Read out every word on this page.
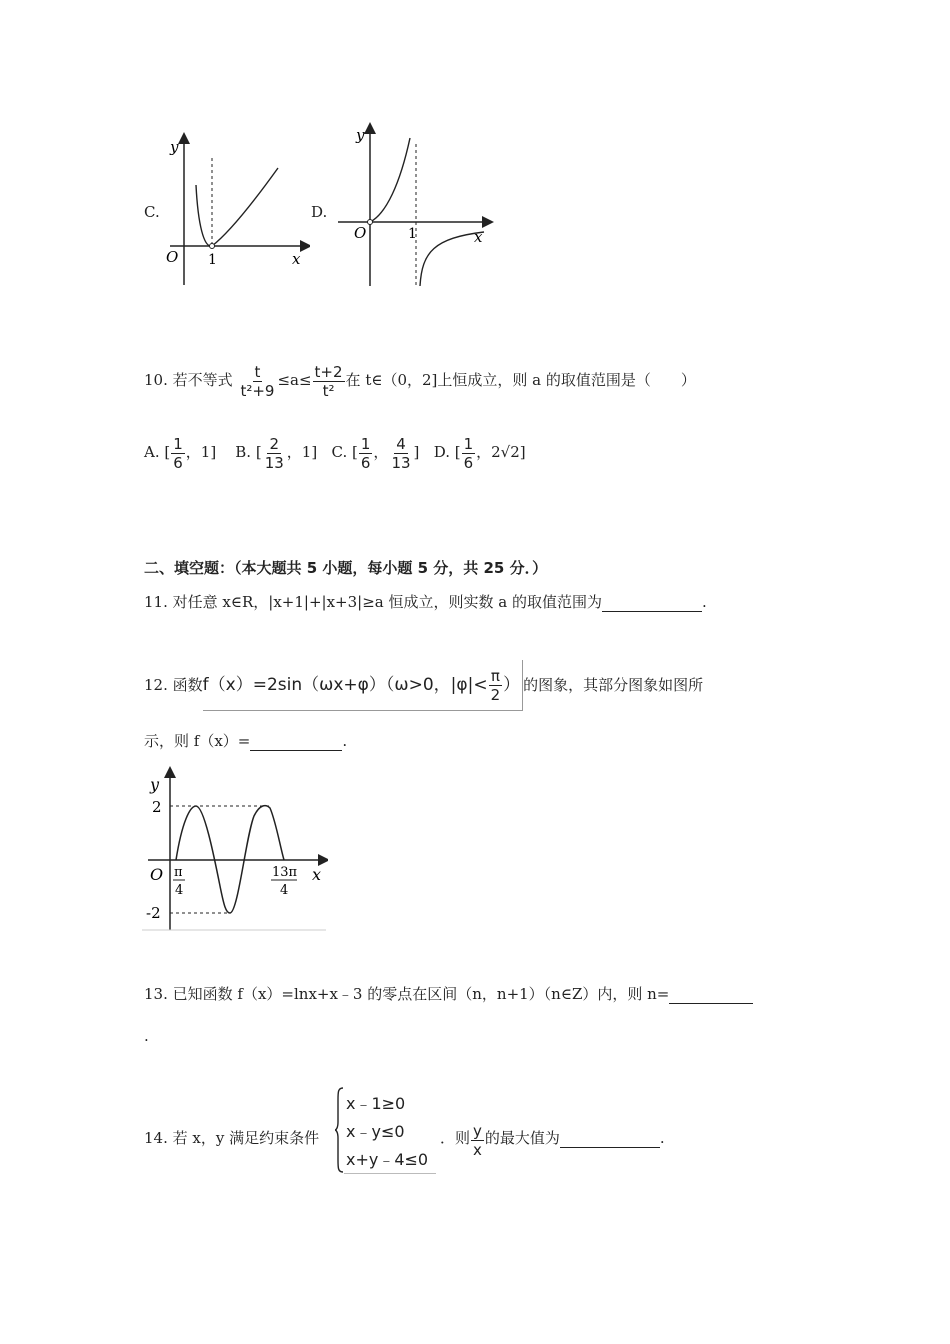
C.
y
x
O 1
D.
y
x
O	1
10. 若不等式 $\frac{t}{\text{t²+9}} \le a\le \frac{t+2}{\text{t²}}$ 在 t∈（0，2]上恒成立，则 a 的取值范围是（　　）
A. [ $\frac{1}{6}$ ，1] B. [ $\frac{2}{13}$ ，1] C. [ $\frac{1}{6}$ ， $\frac{4}{13}$ ]   D. [ $\frac{1}{6}$ ，2√2]
二、填空题：（本大题共 5 小题，每小题 5 分，共 25 分．）
11. 对任意 x∈R，|x+1|+|x+3|≥a 恒成立，则实数 a 的取值范围为	.
12. 函数f（x）=2sin（ωx+φ）（ω>0，$|\varphi|< \frac{\pi}{2}$ ） 的图象，其部分图象如图所
示，则 f（x）=	.
y
x
O
2
-2
π
4
13π
4
13. 已知函数 f（x）=lnx+x﹣3 的零点在区间（n，n+1）（n∈Z）内，则 n=
.
14. 若 x，y 满足约束条件
x﹣1≥0
x﹣y≤0
x+y﹣4≤0
．则 $\frac{y}{x}$ 的最大值为	.
